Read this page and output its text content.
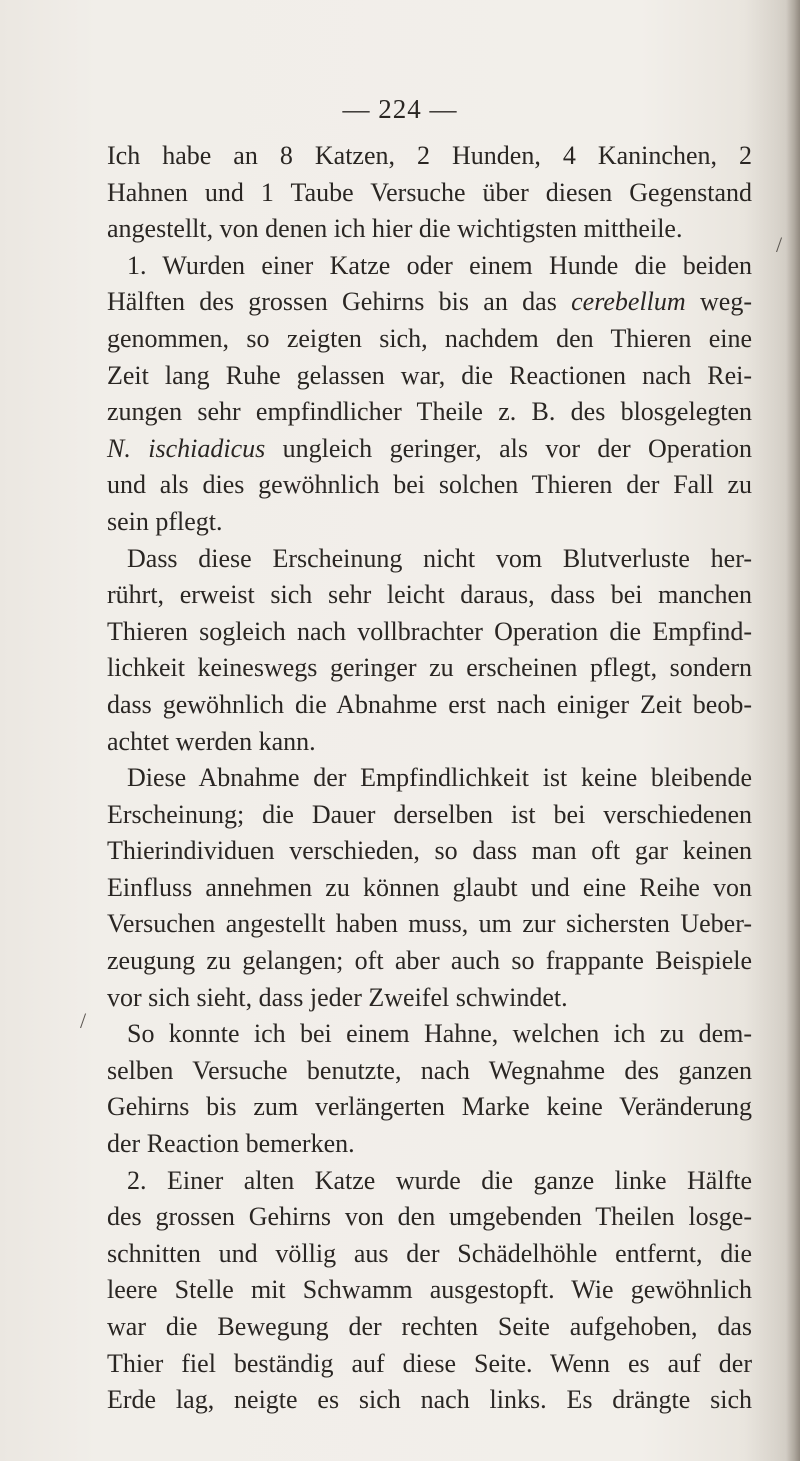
— 224 —
/
/
Ich habe an 8 Katzen, 2 Hunden, 4 Kaninchen, 2
Hahnen und 1 Taube Versuche über diesen Gegenstand
angestellt, von denen ich hier die wichtigsten mittheile.
1. Wurden einer Katze oder einem Hunde die beiden
Hälften des grossen Gehirns bis an das cerebellum weg-
genommen, so zeigten sich, nachdem den Thieren eine
Zeit lang Ruhe gelassen war, die Reactionen nach Rei-
zungen sehr empfindlicher Theile z. B. des blosgelegten
N. ischiadicus ungleich geringer, als vor der Operation
und als dies gewöhnlich bei solchen Thieren der Fall zu
sein pflegt.
Dass diese Erscheinung nicht vom Blutverluste her-
rührt, erweist sich sehr leicht daraus, dass bei manchen
Thieren sogleich nach vollbrachter Operation die Empfind-
lichkeit keineswegs geringer zu erscheinen pflegt, sondern
dass gewöhnlich die Abnahme erst nach einiger Zeit beob-
achtet werden kann.
Diese Abnahme der Empfindlichkeit ist keine bleibende
Erscheinung; die Dauer derselben ist bei verschiedenen
Thierindividuen verschieden, so dass man oft gar keinen
Einfluss annehmen zu können glaubt und eine Reihe von
Versuchen angestellt haben muss, um zur sichersten Ueber-
zeugung zu gelangen; oft aber auch so frappante Beispiele
vor sich sieht, dass jeder Zweifel schwindet.
So konnte ich bei einem Hahne, welchen ich zu dem-
selben Versuche benutzte, nach Wegnahme des ganzen
Gehirns bis zum verlängerten Marke keine Veränderung
der Reaction bemerken.
2. Einer alten Katze wurde die ganze linke Hälfte
des grossen Gehirns von den umgebenden Theilen losge-
schnitten und völlig aus der Schädelhöhle entfernt, die
leere Stelle mit Schwamm ausgestopft. Wie gewöhnlich
war die Bewegung der rechten Seite aufgehoben, das
Thier fiel beständig auf diese Seite. Wenn es auf der
Erde lag, neigte es sich nach links. Es drängte sich
